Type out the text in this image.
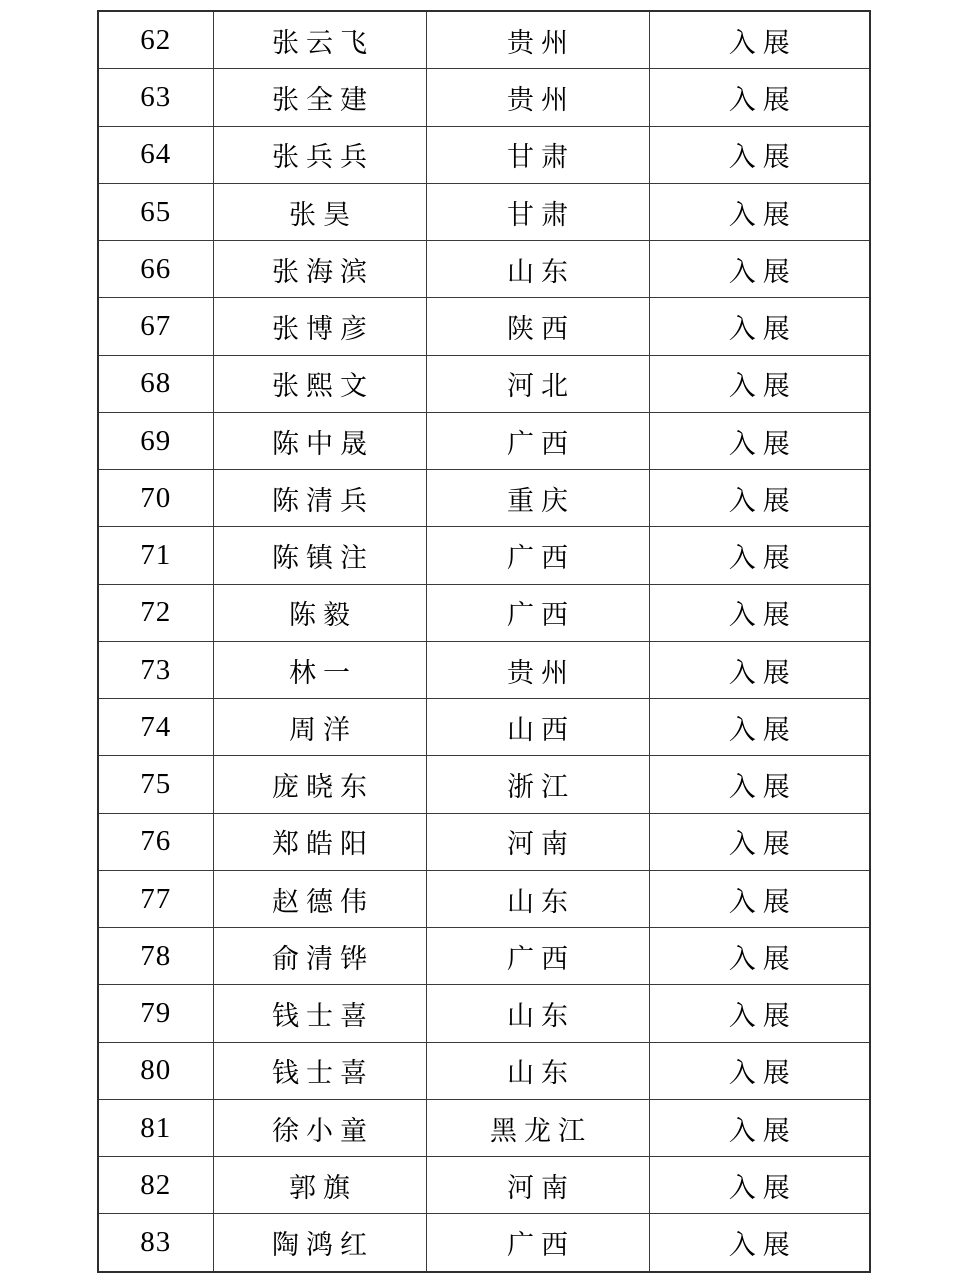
62	张云飞	贵州	入展
63	张全建	贵州	入展
64	张兵兵	甘肃	入展
65	张昊	甘肃	入展
66	张海滨	山东	入展
67	张博彦	陕西	入展
68	张熙文	河北	入展
69	陈中晟	广西	入展
70	陈清兵	重庆	入展
71	陈镇注	广西	入展
72	陈毅	广西	入展
73	林一	贵州	入展
74	周洋	山西	入展
75	庞晓东	浙江	入展
76	郑皓阳	河南	入展
77	赵德伟	山东	入展
78	俞清铧	广西	入展
79	钱士喜	山东	入展
80	钱士喜	山东	入展
81	徐小童	黑龙江	入展
82	郭旗	河南	入展
83	陶鸿红	广西	入展
